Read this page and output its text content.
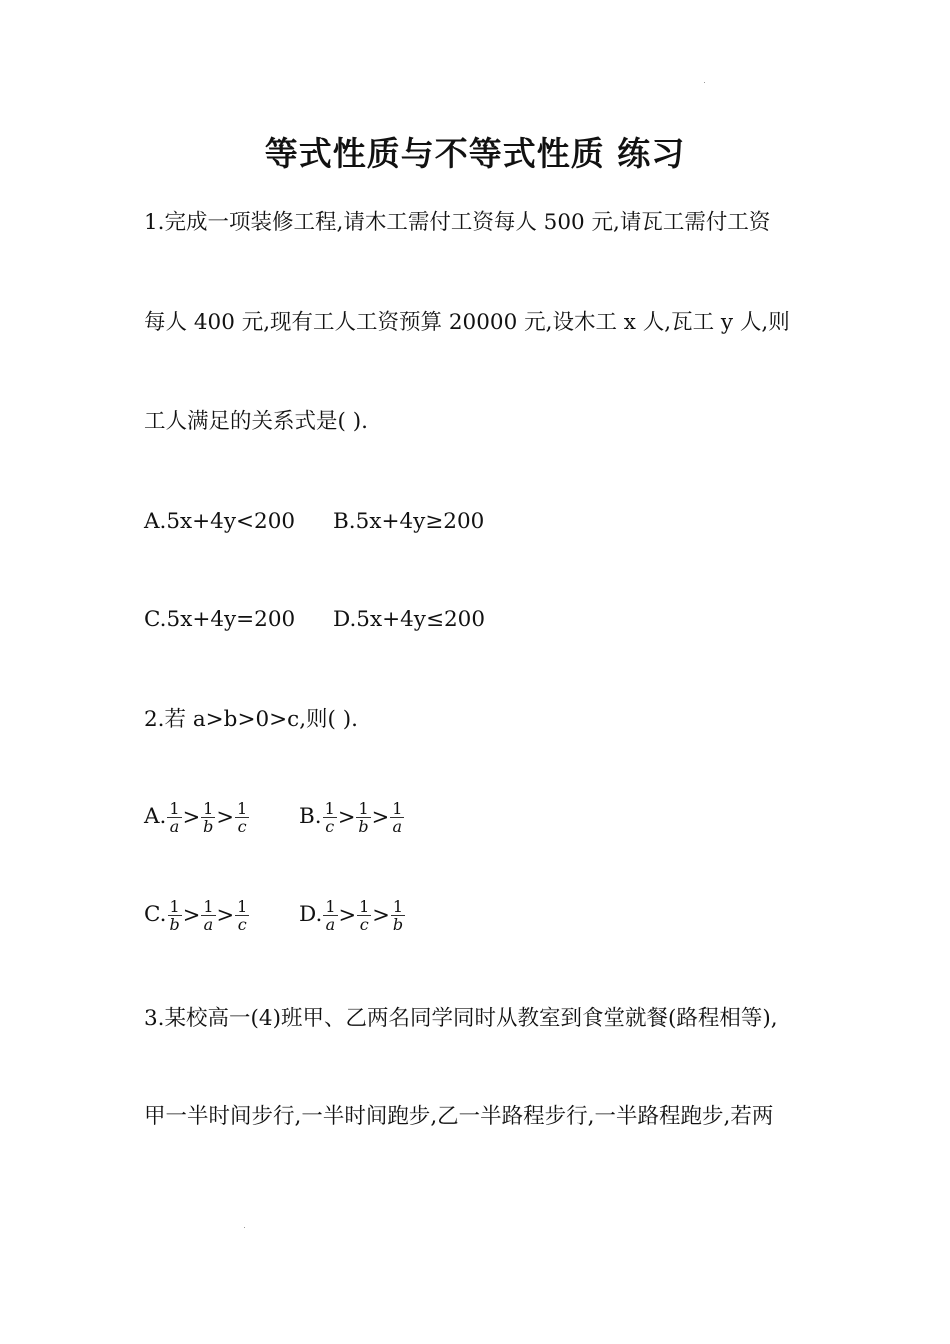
等式性质与不等式性质 练习
1.完成一项装修工程,请木工需付工资每人 500 元,请瓦工需付工资
每人 400 元,现有工人工资预算 20000 元,设木工 x 人,瓦工 y 人,则
工人满足的关系式是( ).
A.5x+4y<200 B.5x+4y≥200
C.5x+4y=200 D.5x+4y≤200
2.若 a>b>0>c,则( ).
A. $\frac{1}{a} > \frac{1}{b} > \frac{1}{c} B$. $\frac{1}{c} > \frac{1}{b} > \frac{1}{a}$
C. $\frac{1}{b} > \frac{1}{a} > \frac{1}{c} D$. $\frac{1}{a} > \frac{1}{c} > \frac{1}{b}$
3.某校高一(4)班甲、乙两名同学同时从教室到食堂就餐(路程相等),
甲一半时间步行,一半时间跑步,乙一半路程步行,一半路程跑步,若两
